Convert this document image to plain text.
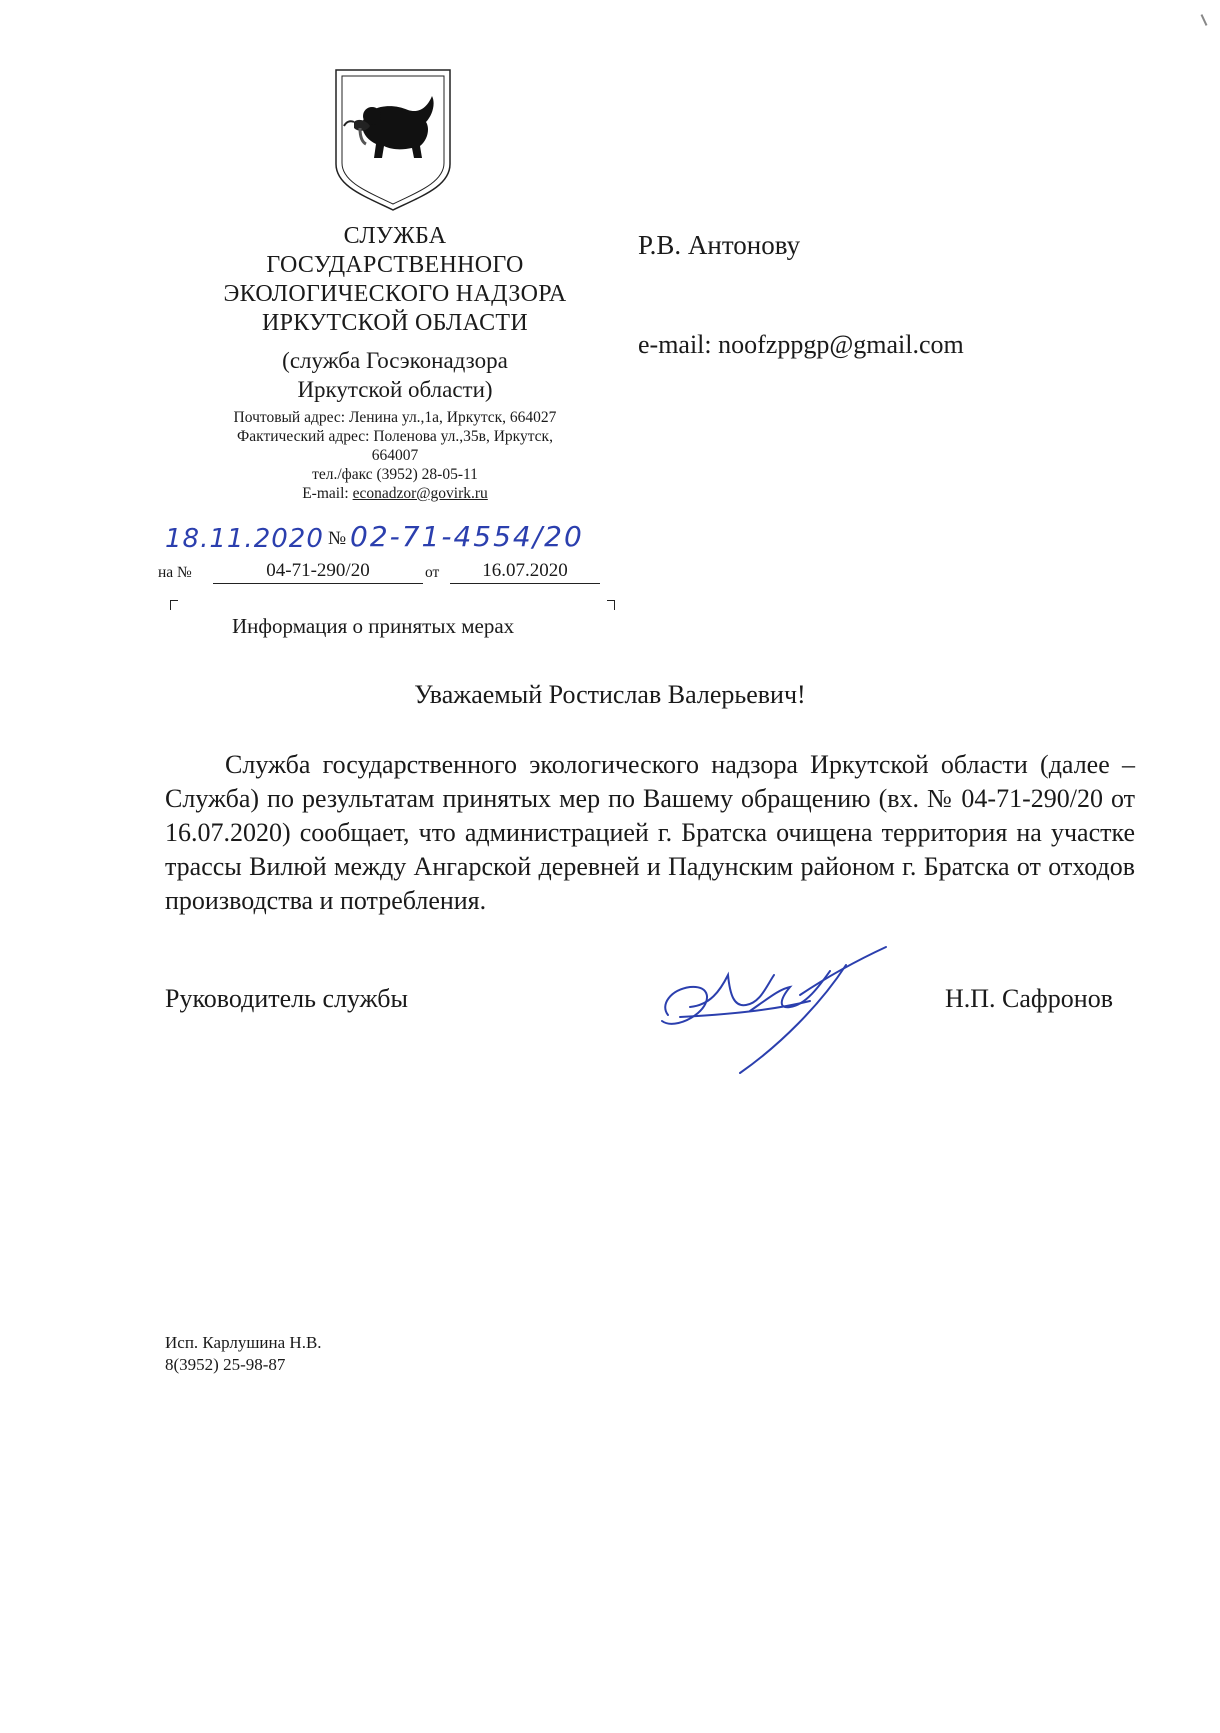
СЛУЖБА
ГОСУДАРСТВЕННОГО
ЭКОЛОГИЧЕСКОГО НАДЗОРА
ИРКУТСКОЙ ОБЛАСТИ
(служба Госэконадзора
Иркутской области)
Почтовый адрес: Ленина ул.,1а, Иркутск, 664027
Фактический адрес: Поленова ул.,35в, Иркутск,
664007
тел./факс (3952) 28-05-11
E-mail: econadzor@govirk.ru
18.11.2020 № 02-71-4554/20
на №	04-71-290/20	от	16.07.2020
Информация о принятых мерах
Р.В. Антонову
e-mail: noofzppgp@gmail.com
Уважаемый Ростислав Валерьевич!
Служба государственного экологического надзора Иркутской области (далее – Служба) по результатам принятых мер по Вашему обращению (вх. № 04-71-290/20 от 16.07.2020) сообщает, что администрацией г. Братска очищена территория на участке трассы Вилюй между Ангарской деревней и Падунским районом г. Братска от отходов производства и потребления.
Руководитель службы	Н.П. Сафронов
Исп. Карлушина Н.В.
8(3952) 25-98-87
